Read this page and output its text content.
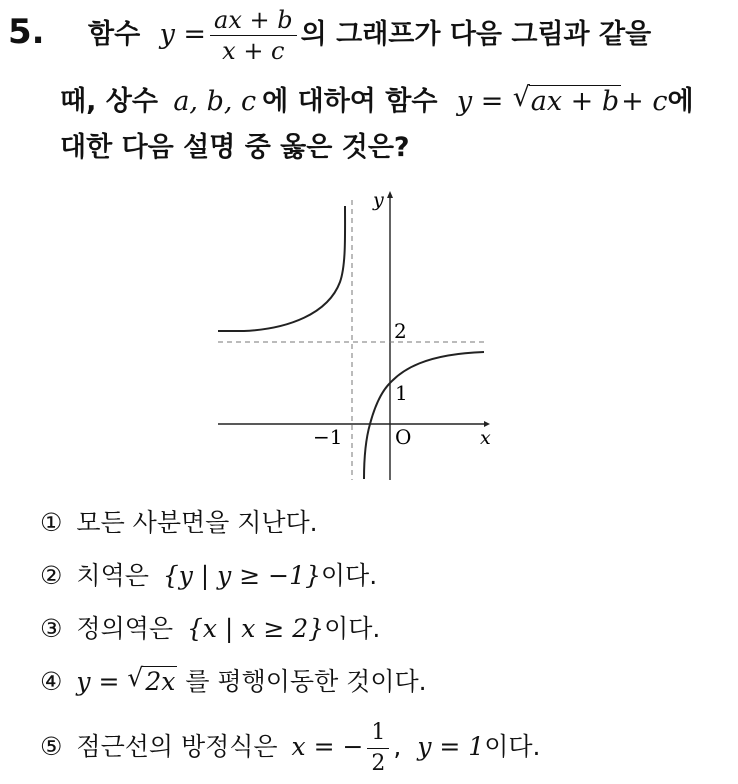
5. 함수 $y = \frac{ax + b}{x + c}$ 의 그래프가 다음 그림과 같을
때, 상수 a, b, c 에 대하여 함수 y = √ ax + b+ c에
대한 다음 설명 중 옳은 것은?
y
x
O
2
1
−1
① 모든 사분면을 지난다.
② 치역은 {y | y ≥ −1}이다.
③ 정의역은 {x | x ≥ 2}이다.
④ y = √ 2x 를 평행이동한 것이다.
⑤ 점근선의 방정식은 x = − $\frac{1}{2}$ , y = 1이다.
